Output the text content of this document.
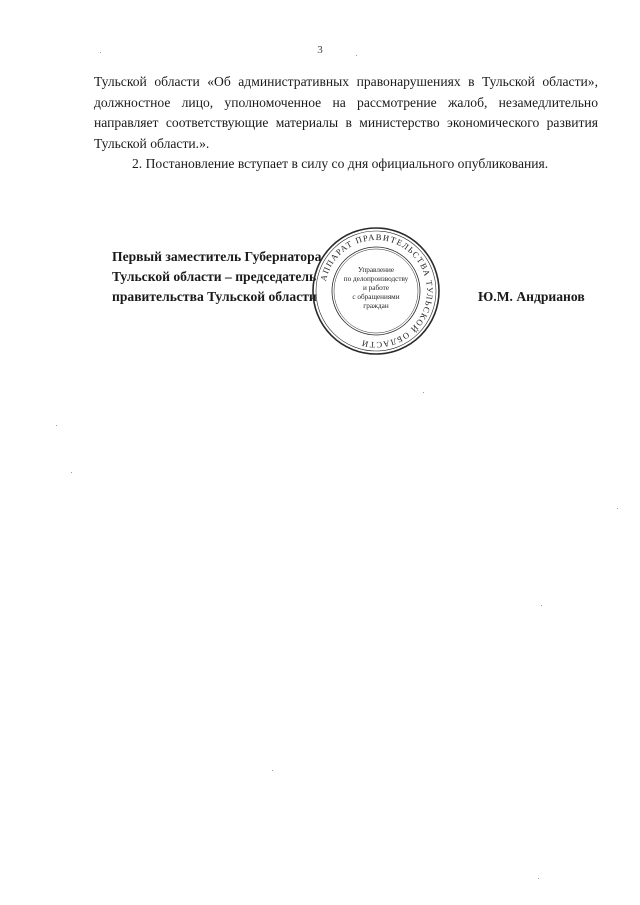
3

Тульской области «Об административных правонарушениях в Тульской области», должностное лицо, уполномоченное на рассмотрение жалоб, незамедлительно направляет соответствующие материалы в министерство экономического развития Тульской области.».

2. Постановление вступает в силу со дня официального опубликования.

Первый заместитель Губернатора
Тульской области – председатель
правительства Тульской области	Ю.М. Андрианов
АППАРАТ ПРАВИТЕЛЬСТВА ТУЛЬСКОЙ ОБЛАСТИ
Управление
по делопроизводству
и работе
с обращениями
граждан
